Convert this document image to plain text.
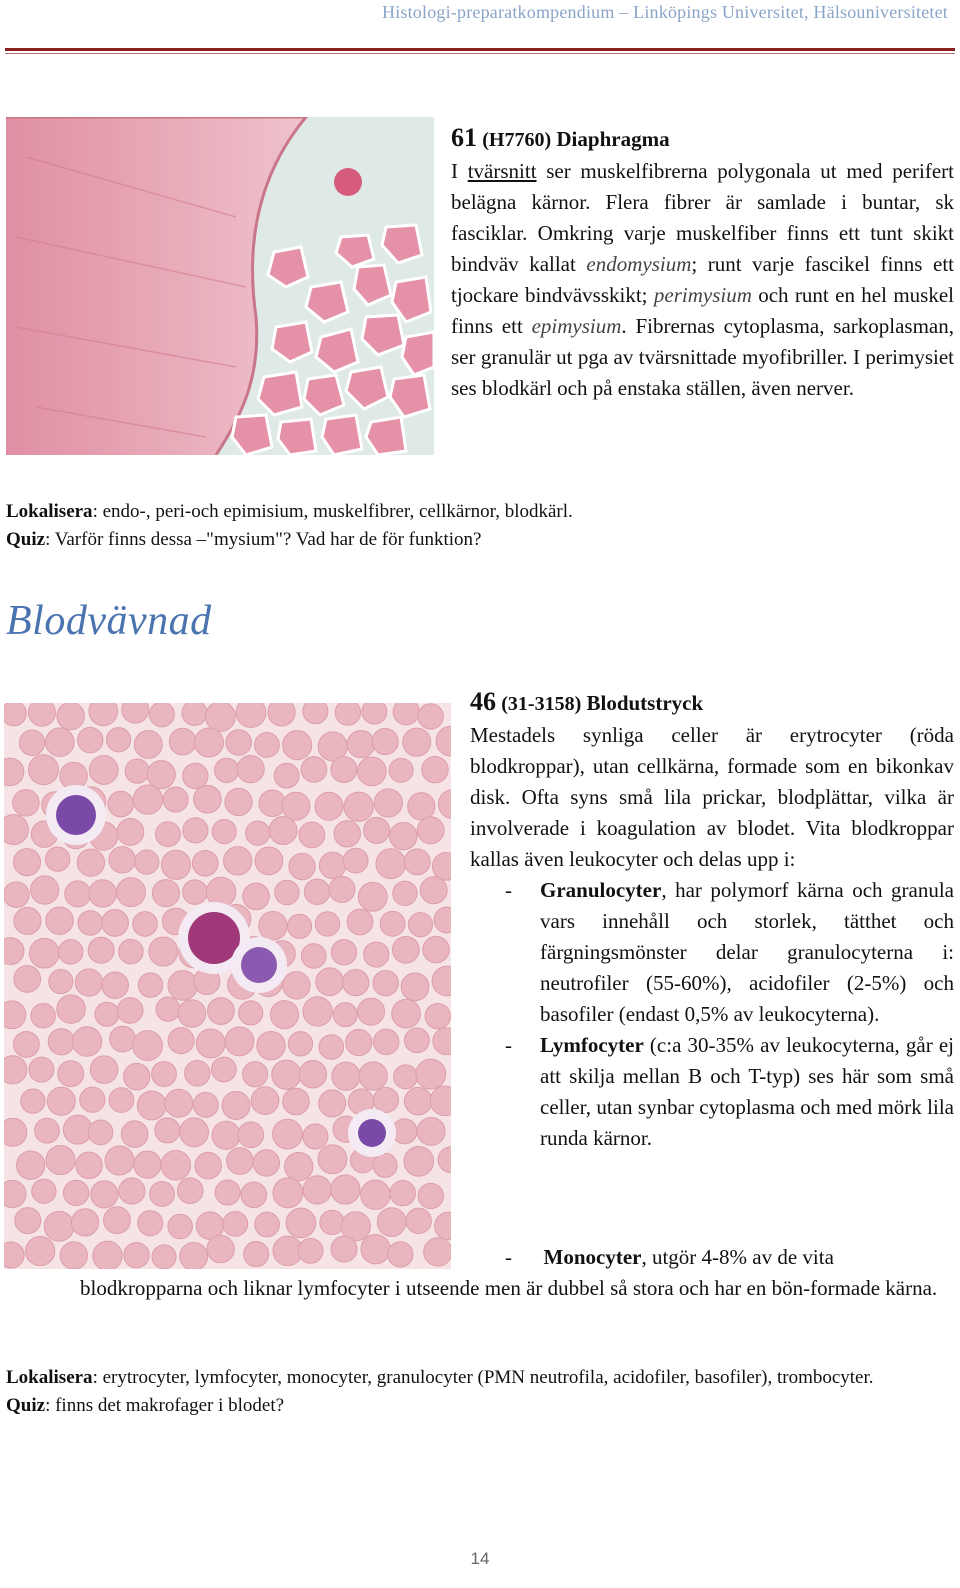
Histologi-preparatkompendium – Linköpings Universitet, Hälsouniversitetet
61 (H7760) Diaphragma

I tvärsnitt ser muskelfibrerna polygonala ut med perifert belägna kärnor. Flera fibrer är samlade i buntar, sk fasciklar. Omkring varje muskelfiber finns ett tunt skikt bindväv kallat endomysium; runt varje fascikel finns ett tjockare bindvävsskikt; perimysium och runt en hel muskel finns ett epimysium. Fibrernas cytoplasma, sarkoplasman, ser granulär ut pga av tvärsnittade myofibriller. I perimysiet ses blodkärl och på enstaka ställen, även nerver.

Lokalisera: endo-, peri-och epimisium, muskelfibrer, cellkärnor, blodkärl.
Quiz: Varför finns dessa –"mysium"? Vad har de för funktion?
Blodvävnad
46 (31-3158) Blodutstryck

Mestadels synliga celler är erytrocyter (röda blodkroppar), utan cellkärna, formade som en bikonkav disk. Ofta syns små lila prickar, blodplättar, vilka är involverade i koagulation av blodet. Vita blodkroppar kallas även leukocyter och delas upp i:

-	Granulocyter, har polymorf kärna och granula vars innehåll och storlek, tätthet och färgningsmönster delar granulocyterna i: neutrofiler (55-60%), acidofiler (2-5%) och basofiler (endast 0,5% av leukocyterna).
-	Lymfocyter (c:a 30-35% av leukocyterna, går ej att skilja mellan B och T-typ) ses här som små celler, utan synbar cytoplasma och med mörk lila runda kärnor.
- Monocyter, utgör 4-8% av de vita
blodkropparna och liknar lymfocyter i utseende men är dubbel så stora och har en bön-formade kärna.
Lokalisera: erytrocyter, lymfocyter, monocyter, granulocyter (PMN neutrofila, acidofiler, basofiler), trombocyter.
Quiz: finns det makrofager i blodet?
14
